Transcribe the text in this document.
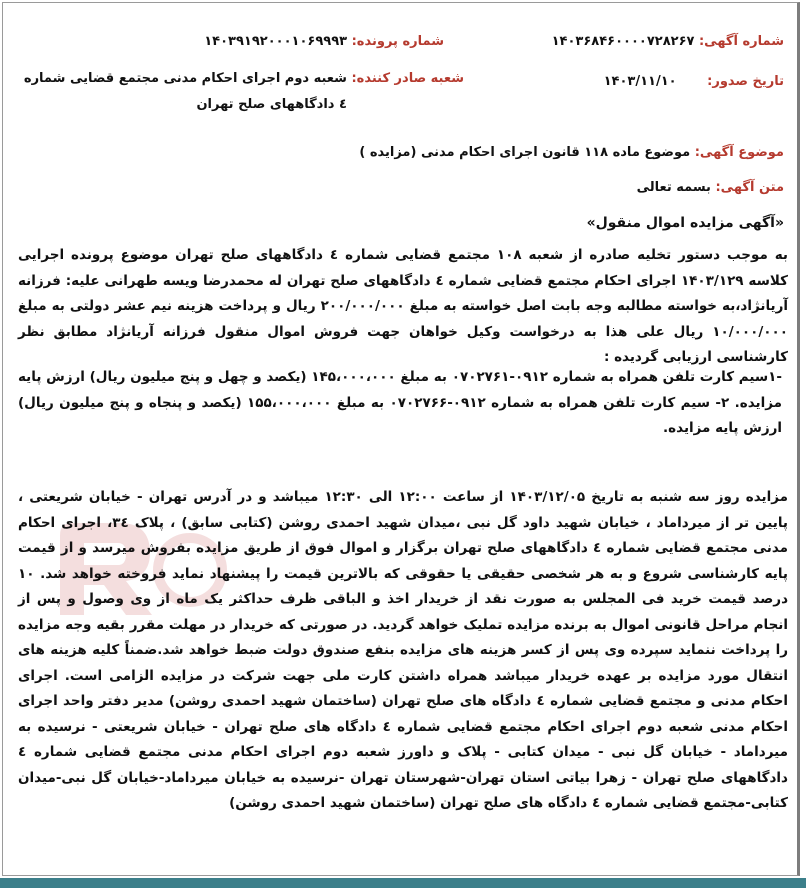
شماره آگهی: ۱۴۰۳۶۸۴۶۰۰۰۰۷۲۸۲۶۷
شماره پرونده: ۱۴۰۳۹۱۹۲۰۰۰۱۰۶۹۹۹۳
تاریخ صدور: ۱۴۰۳/۱۱/۱۰
شعبه صادر کننده: شعبه دوم اجرای احکام مدنی مجتمع قضایی شماره ٤ دادگاههای صلح تهران
موضوع آگهی: موضوع ماده ۱۱۸ قانون اجرای احکام مدنی (مزایده )
متن آگهی: بسمه تعالی
«آگهی مزایده اموال منقول»
به موجب دستور تخلیه صادره از شعبه ۱۰۸ مجتمع قضایی شماره ٤ دادگاههای صلح تهران موضوع پرونده اجرایی کلاسه ۱۴۰۳/۱۲۹ اجرای احکام مجتمع قضایی شماره ٤ دادگاههای صلح تهران له محمدرضا ویسه طهرانی علیه: فرزانه آریانژاد،به خواسته مطالبه وجه بابت اصل خواسته به مبلغ ۲۰۰/۰۰۰/۰۰۰ ریال و پرداخت هزینه نیم عشر دولتی به مبلغ ۱۰/۰۰۰/۰۰۰ ریال علی هذا به درخواست وکیل خواهان جهت فروش اموال منقول فرزانه آریانژاد مطابق نظر کارشناسی ارزیابی گردیده :
-۱سیم کارت تلفن همراه به شماره ۰۹۱۲-۰۷۰۲۷۶۱ به مبلغ ۱۴۵،۰۰۰،۰۰۰ (یکصد و چهل و پنج میلیون ریال) ارزش پایه مزایده. ۲- سیم کارت تلفن همراه به شماره ۰۹۱۲-۰۷۰۲۷۶۶ به مبلغ ۱۵۵،۰۰۰،۰۰۰ (یکصد و پنجاه و پنج میلیون ریال) ارزش پایه مزایده.
مزایده روز سه شنبه به تاریخ ۱۴۰۳/۱۲/۰۵ از ساعت ۱۲:۰۰ الی ۱۲:۳۰ میباشد و در آدرس تهران - خیابان شریعتی ، پایین تر از میرداماد ، خیابان شهید داود گل نبی ،میدان شهید احمدی روشن (کتابی سابق) ، پلاک ۳٤، اجرای احکام مدنی مجتمع قضایی شماره ٤ دادگاههای صلح تهران برگزار و اموال فوق از طریق مزایده بفروش میرسد و از قیمت پایه کارشناسی شروع و به هر شخصی حقیقی یا حقوقی که بالاترین قیمت را پیشنهاد نماید فروخته خواهد شد. ۱۰ درصد قیمت خرید فی المجلس به صورت نقد از خریدار اخذ و الباقی ظرف حداکثر یک ماه از وی وصول و پس از انجام مراحل قانونی اموال به برنده مزایده تملیک خواهد گردید. در صورتی که خریدار در مهلت مقرر بقیه وجه مزایده را پرداخت ننماید سپرده وی پس از کسر هزینه های مزایده بنفع صندوق دولت ضبط خواهد شد.ضمناً کلیه هزینه های انتقال مورد مزایده بر عهده خریدار میباشد همراه داشتن کارت ملی جهت شرکت در مزایده الزامی است. اجرای احکام مدنی و مجتمع قضایی شماره ٤ دادگاه های صلح تهران (ساختمان شهید احمدی روشن) مدیر دفتر واحد اجرای احکام مدنی شعبه دوم اجرای احکام مجتمع قضایی شماره ٤ دادگاه های صلح تهران - خیابان شریعتی - نرسیده به میرداماد - خیابان گل نبی - میدان کتابی - پلاک و داورز شعبه دوم اجرای احکام مدنی مجتمع قضایی شماره ٤ دادگاههای صلح تهران - زهرا بیاتی استان تهران-شهرستان تهران -نرسیده به خیابان میرداماد-خیابان گل نبی-میدان کتابی-مجتمع قضایی شماره ٤ دادگاه های صلح تهران (ساختمان شهید احمدی روشن)
